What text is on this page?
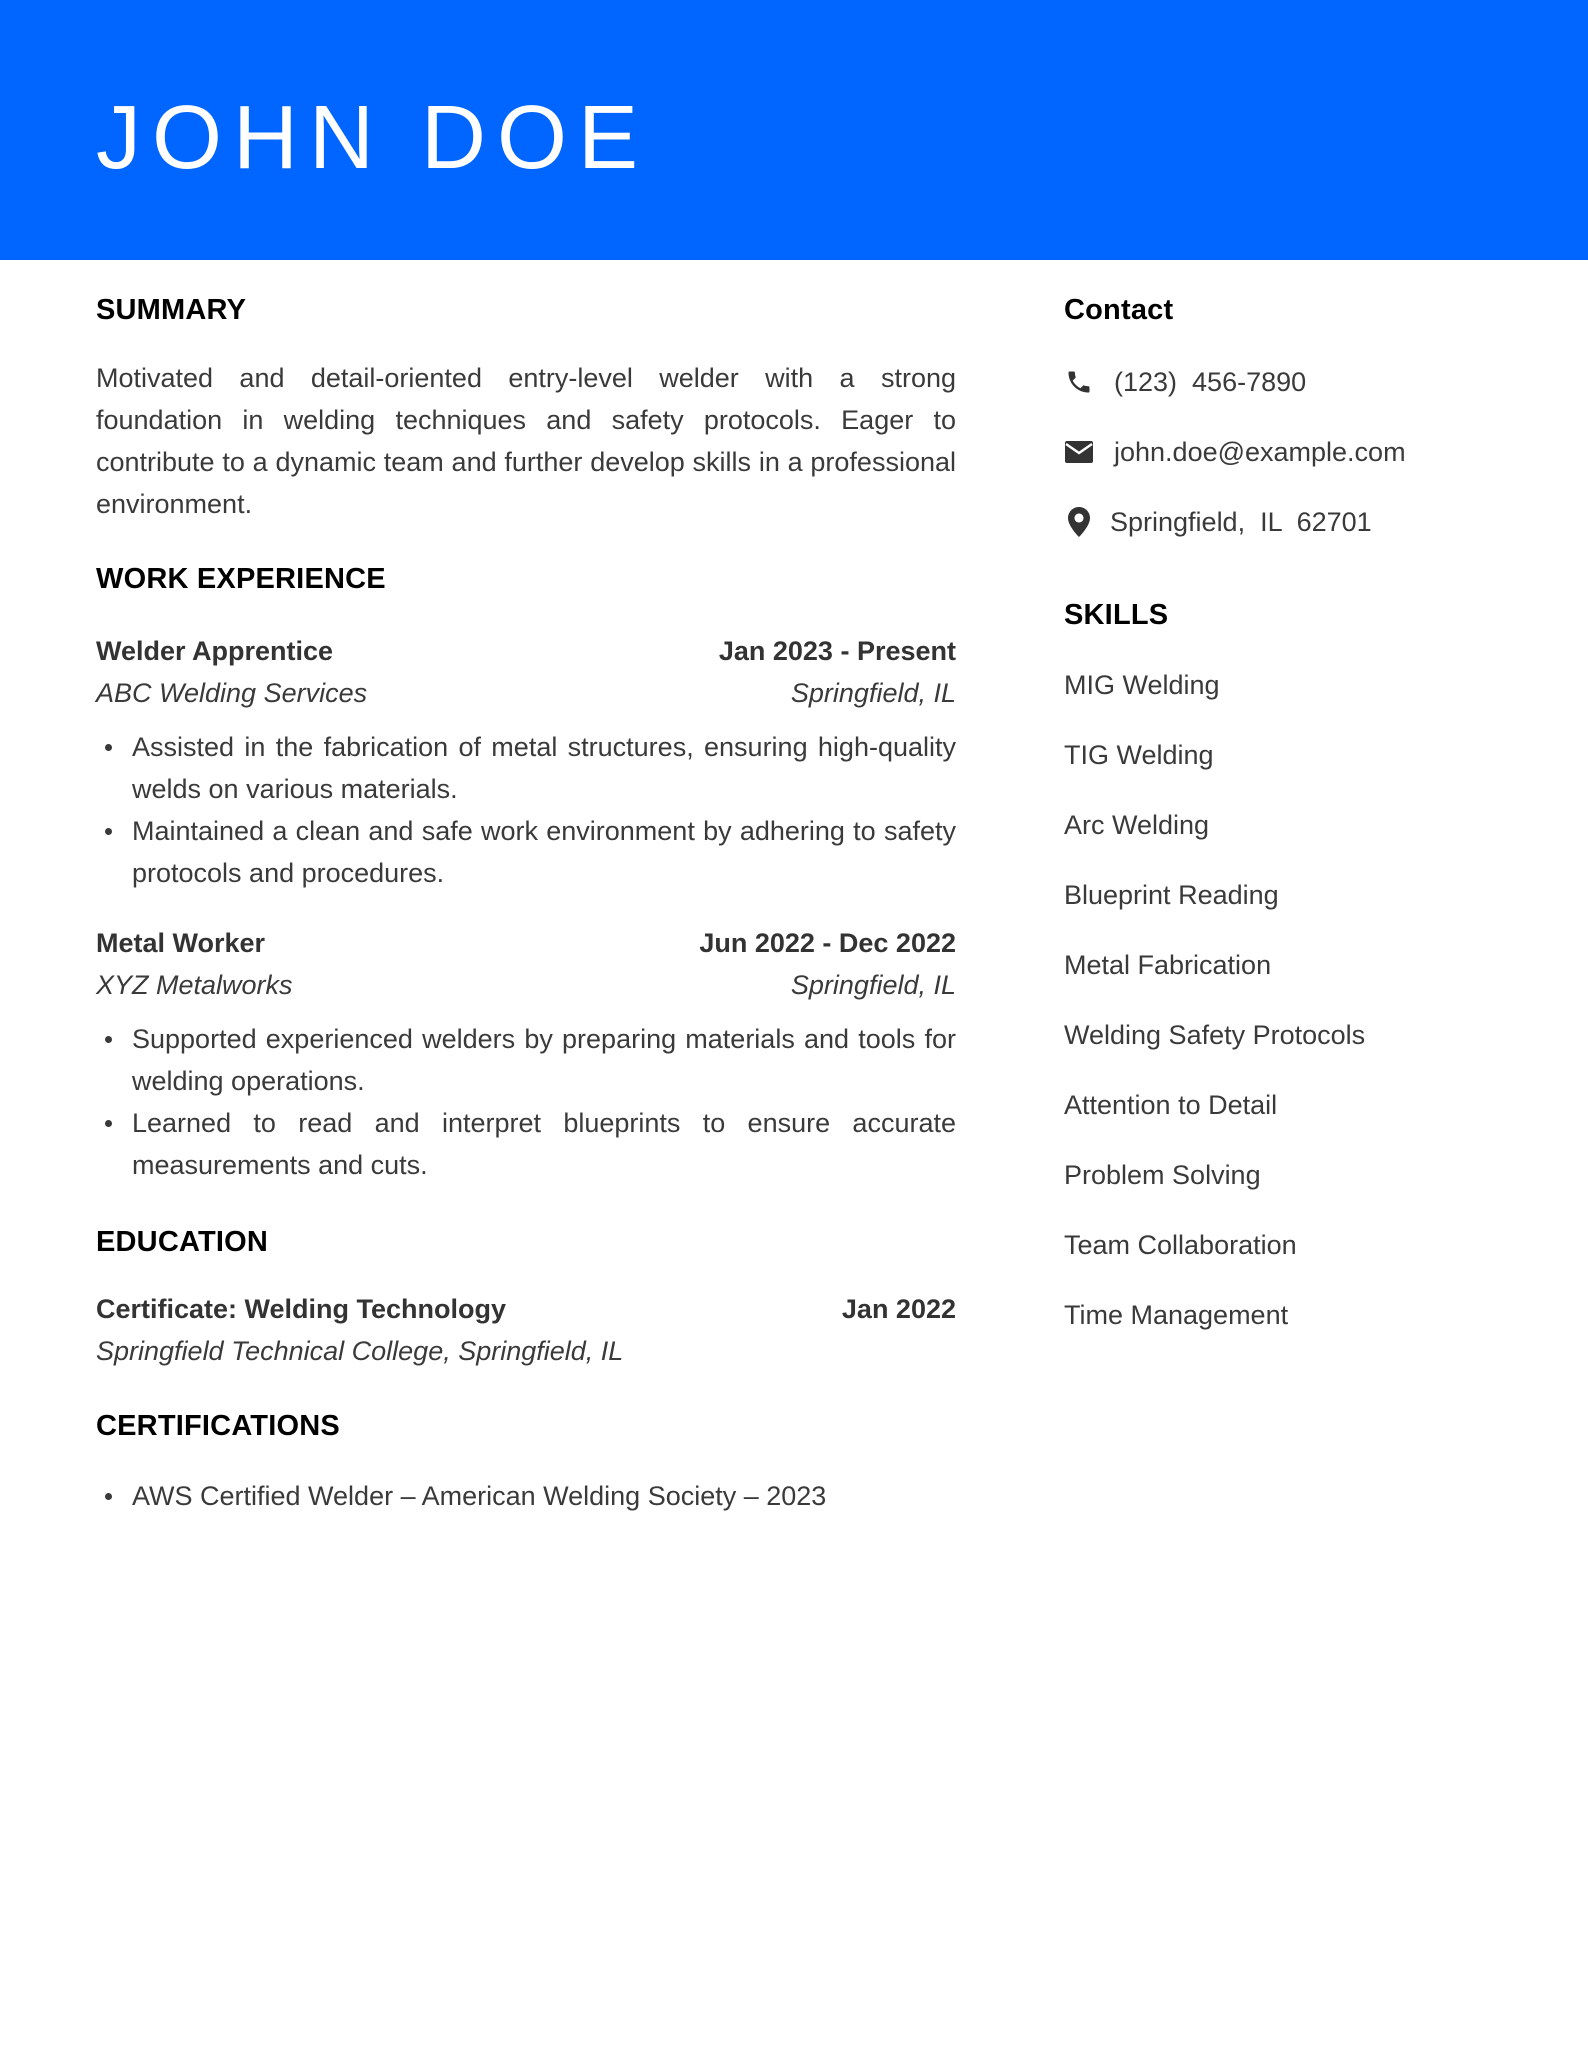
JOHN DOE
SUMMARY

Motivated and detail-oriented entry-level welder with a strong foundation in welding techniques and safety protocols. Eager to contribute to a dynamic team and further develop skills in a professional environment.

WORK EXPERIENCE
Welder Apprentice	Jan 2023 - Present
ABC Welding Services	Springfield, IL
Assisted in the fabrication of metal structures, ensuring high-quality welds on various materials.
Maintained a clean and safe work environment by adhering to safety protocols and procedures.
Metal Worker	Jun 2022 - Dec 2022
XYZ Metalworks	Springfield, IL
Supported experienced welders by preparing materials and tools for welding operations.
Learned to read and interpret blueprints to ensure accurate measurements and cuts.
EDUCATION
Certificate: Welding Technology	Jan 2022
Springfield Technical College, Springfield, IL
CERTIFICATIONS
AWS Certified Welder – American Welding Society – 2023
Contact
(123)  456-7890
john.doe@example.com
Springfield,  IL  62701
SKILLS
MIG Welding
TIG Welding
Arc Welding
Blueprint Reading
Metal Fabrication
Welding Safety Protocols
Attention to Detail
Problem Solving
Team Collaboration
Time Management
